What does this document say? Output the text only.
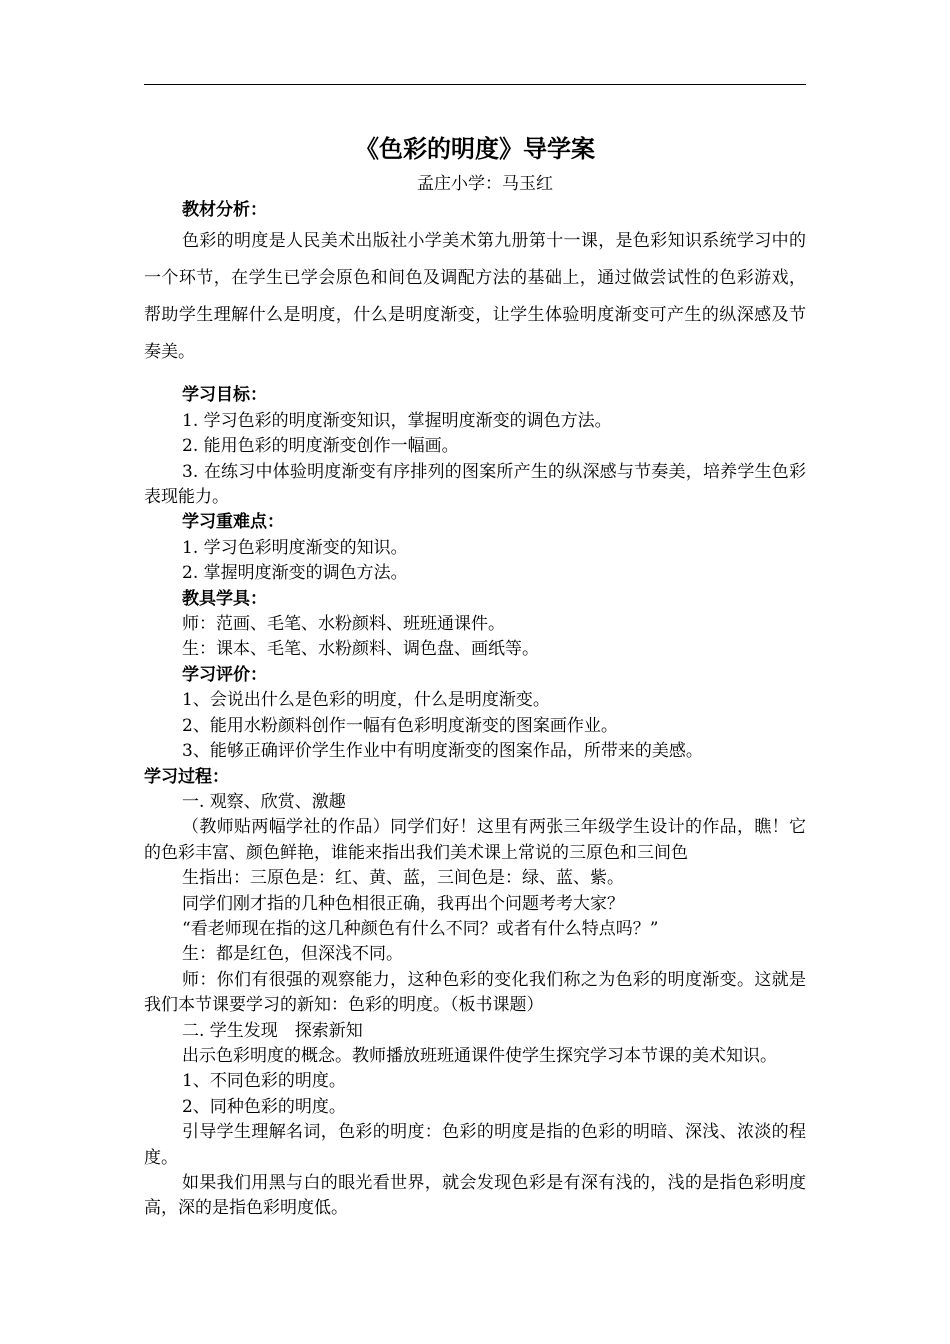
《色彩的明度》导学案

孟庄小学：马玉红

教材分析：

色彩的明度是人民美术出版社小学美术第九册第十一课，是色彩知识系统学习中的一个环节，在学生已学会原色和间色及调配方法的基础上，通过做尝试性的色彩游戏，帮助学生理解什么是明度，什么是明度渐变，让学生体验明度渐变可产生的纵深感及节奏美。

学习目标：

1. 学习色彩的明度渐变知识，掌握明度渐变的调色方法。

2. 能用色彩的明度渐变创作一幅画。

3. 在练习中体验明度渐变有序排列的图案所产生的纵深感与节奏美，培养学生色彩表现能力。

学习重难点：

1. 学习色彩明度渐变的知识。

2. 掌握明度渐变的调色方法。

教具学具：

师：范画、毛笔、水粉颜料、班班通课件。

生：课本、毛笔、水粉颜料、调色盘、画纸等。

学习评价：

1、会说出什么是色彩的明度，什么是明度渐变。

2、能用水粉颜料创作一幅有色彩明度渐变的图案画作业。

3、能够正确评价学生作业中有明度渐变的图案作品，所带来的美感。

学习过程：

一. 观察、欣赏、激趣

（教师贴两幅学社的作品）同学们好！这里有两张三年级学生设计的作品，瞧！它的色彩丰富、颜色鲜艳，谁能来指出我们美术课上常说的三原色和三间色

生指出：三原色是：红、黄、蓝，三间色是：绿、蓝、紫。

同学们刚才指的几种色相很正确，我再出个问题考考大家？

“看老师现在指的这几种颜色有什么不同？或者有什么特点吗？”

生：都是红色，但深浅不同。

师：你们有很强的观察能力，这种色彩的变化我们称之为色彩的明度渐变。这就是我们本节课要学习的新知：色彩的明度。（板书课题）

二. 学生发现　探索新知

出示色彩明度的概念。教师播放班班通课件使学生探究学习本节课的美术知识。

1、不同色彩的明度。

2、同种色彩的明度。

引导学生理解名词，色彩的明度：色彩的明度是指的色彩的明暗、深浅、浓淡的程度。

如果我们用黑与白的眼光看世界，就会发现色彩是有深有浅的，浅的是指色彩明度高，深的是指色彩明度低。
